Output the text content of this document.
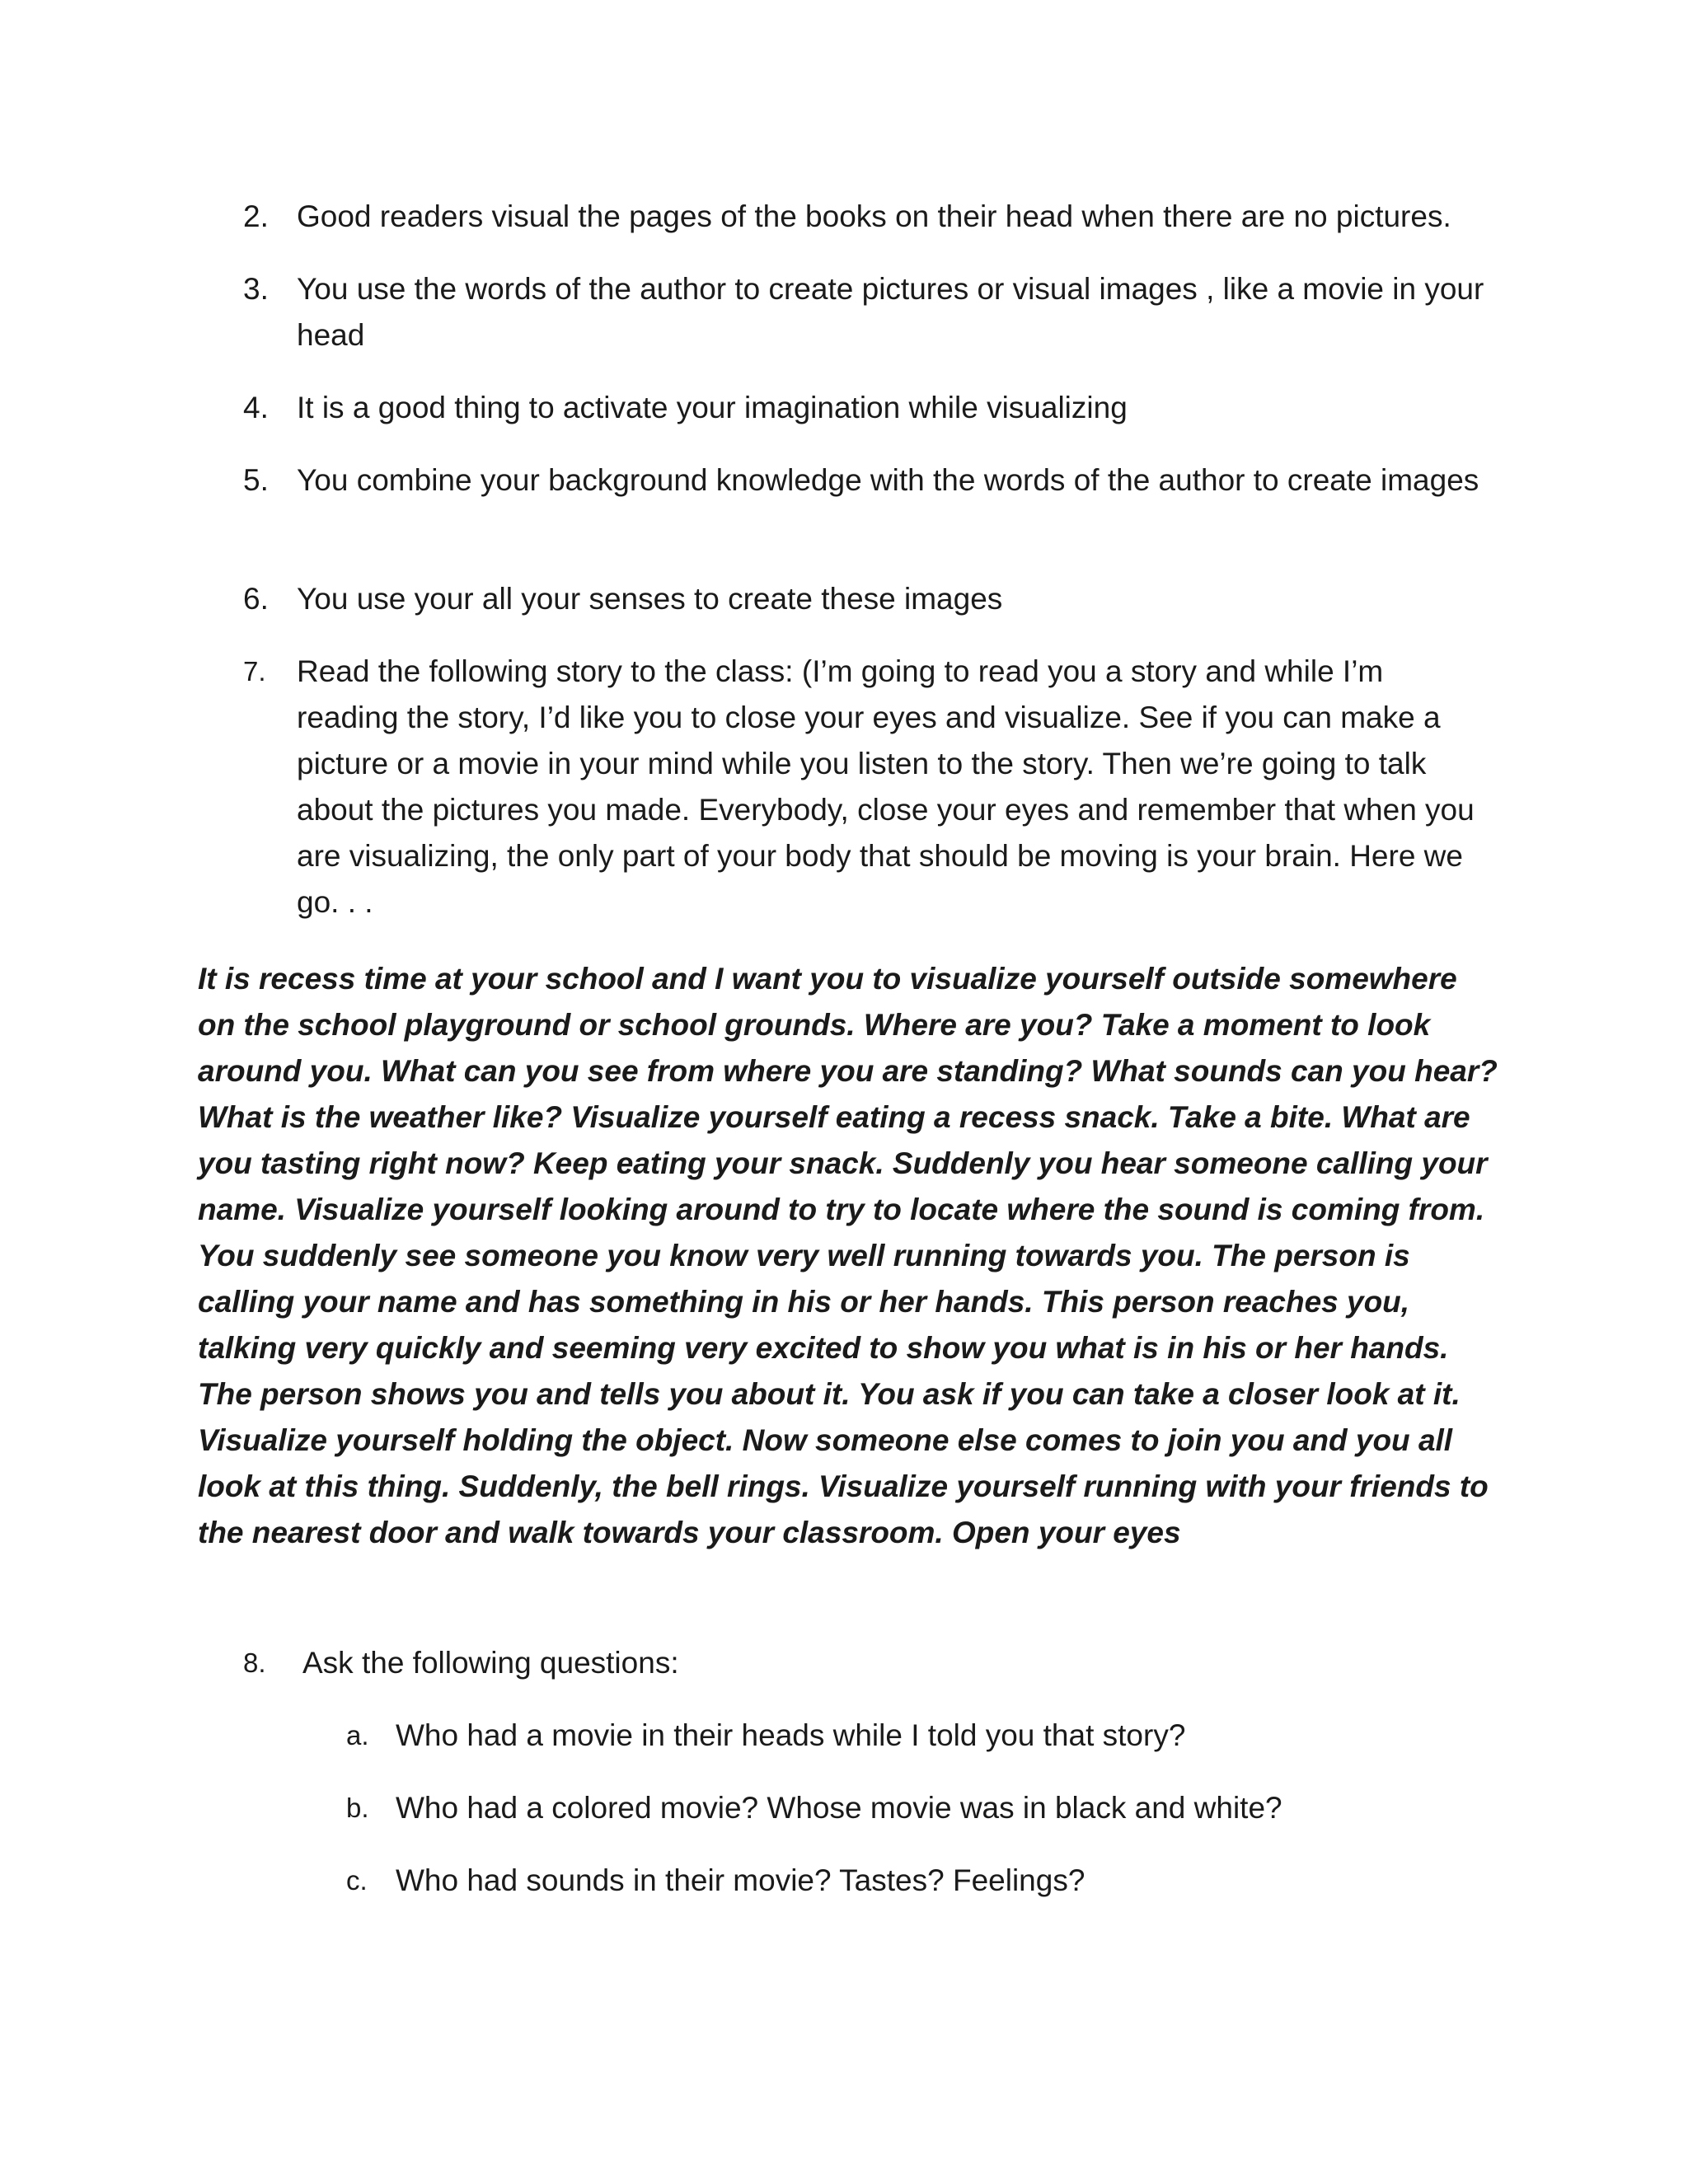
2. Good readers visual the pages of the books on their head when there are no pictures.
3. You use the words of the author to create pictures or visual images , like a movie in your head
4. It is a good thing to activate your imagination while visualizing
5. You combine your background knowledge with the words of the author to create images
6. You use your all your senses to create these images
7.	Read the following story to the class: (I’m going to read you a story and while I’m reading the story, I’d like you to close your eyes and visualize. See if you can make a picture or a movie in your mind while you listen to the story. Then we’re going to talk about the pictures you made. Everybody, close your eyes and remember that when you are visualizing, the only part of your body that should be moving is your brain. Here we go. . .
It is recess time at your school and I want you to visualize yourself outside somewhere on the school playground or school grounds. Where are you? Take a moment to look around you. What can you see from where you are standing? What sounds can you hear? What is the weather like? Visualize yourself eating a recess snack. Take a bite. What are you tasting right now? Keep eating your snack. Suddenly you hear someone calling your name. Visualize yourself looking around to try to locate where the sound is coming from. You suddenly see someone you know very well running towards you. The person is calling your name and has something in his or her hands. This person reaches you, talking very quickly and seeming very excited to show you what is in his or her hands. The person shows you and tells you about it. You ask if you can take a closer look at it. Visualize yourself holding the object. Now someone else comes to join you and you all look at this thing. Suddenly, the bell rings. Visualize yourself running with your friends to the nearest door and walk towards your classroom. Open your eyes
8.	Ask the following questions:
a. Who had a movie in their heads while I told you that story?
b. Who had a colored movie? Whose movie was in black and white?
c. Who had sounds in their movie? Tastes? Feelings?
